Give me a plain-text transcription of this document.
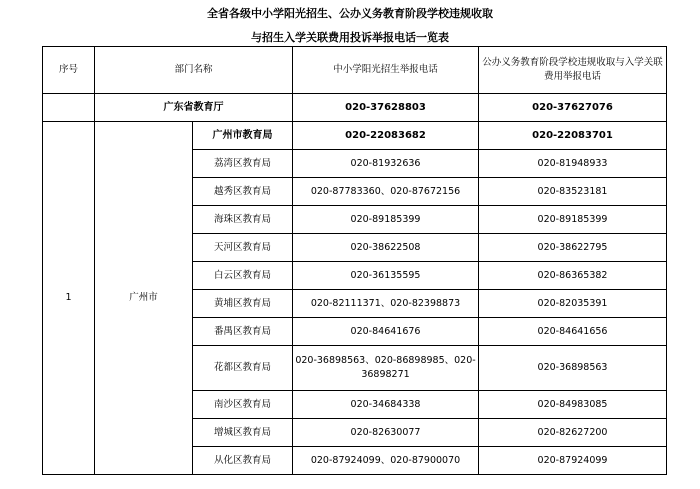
全省各级中小学阳光招生、公办义务教育阶段学校违规收取
与招生入学关联费用投诉举报电话一览表
序号	部门名称		中小学阳光招生举报电话	公办义务教育阶段学校违规收取与入学关联费用举报电话
	广东省教育厅		020-37628803	020-37627076
1	广州市	广州市教育局	020-22083682	020-22083701
		荔湾区教育局	020-81932636	020-81948933
		越秀区教育局	020-87783360、020-87672156	020-83523181
		海珠区教育局	020-89185399	020-89185399
		天河区教育局	020-38622508	020-38622795
		白云区教育局	020-36135595	020-86365382
		黄埔区教育局	020-82111371、020-82398873	020-82035391
		番禺区教育局	020-84641676	020-84641656
		花都区教育局	020-36898563、020-86898985、020-36898271	020-36898563
		南沙区教育局	020-34684338	020-84983085
		增城区教育局	020-82630077	020-82627200
		从化区教育局	020-87924099、020-87900070	020-87924099
